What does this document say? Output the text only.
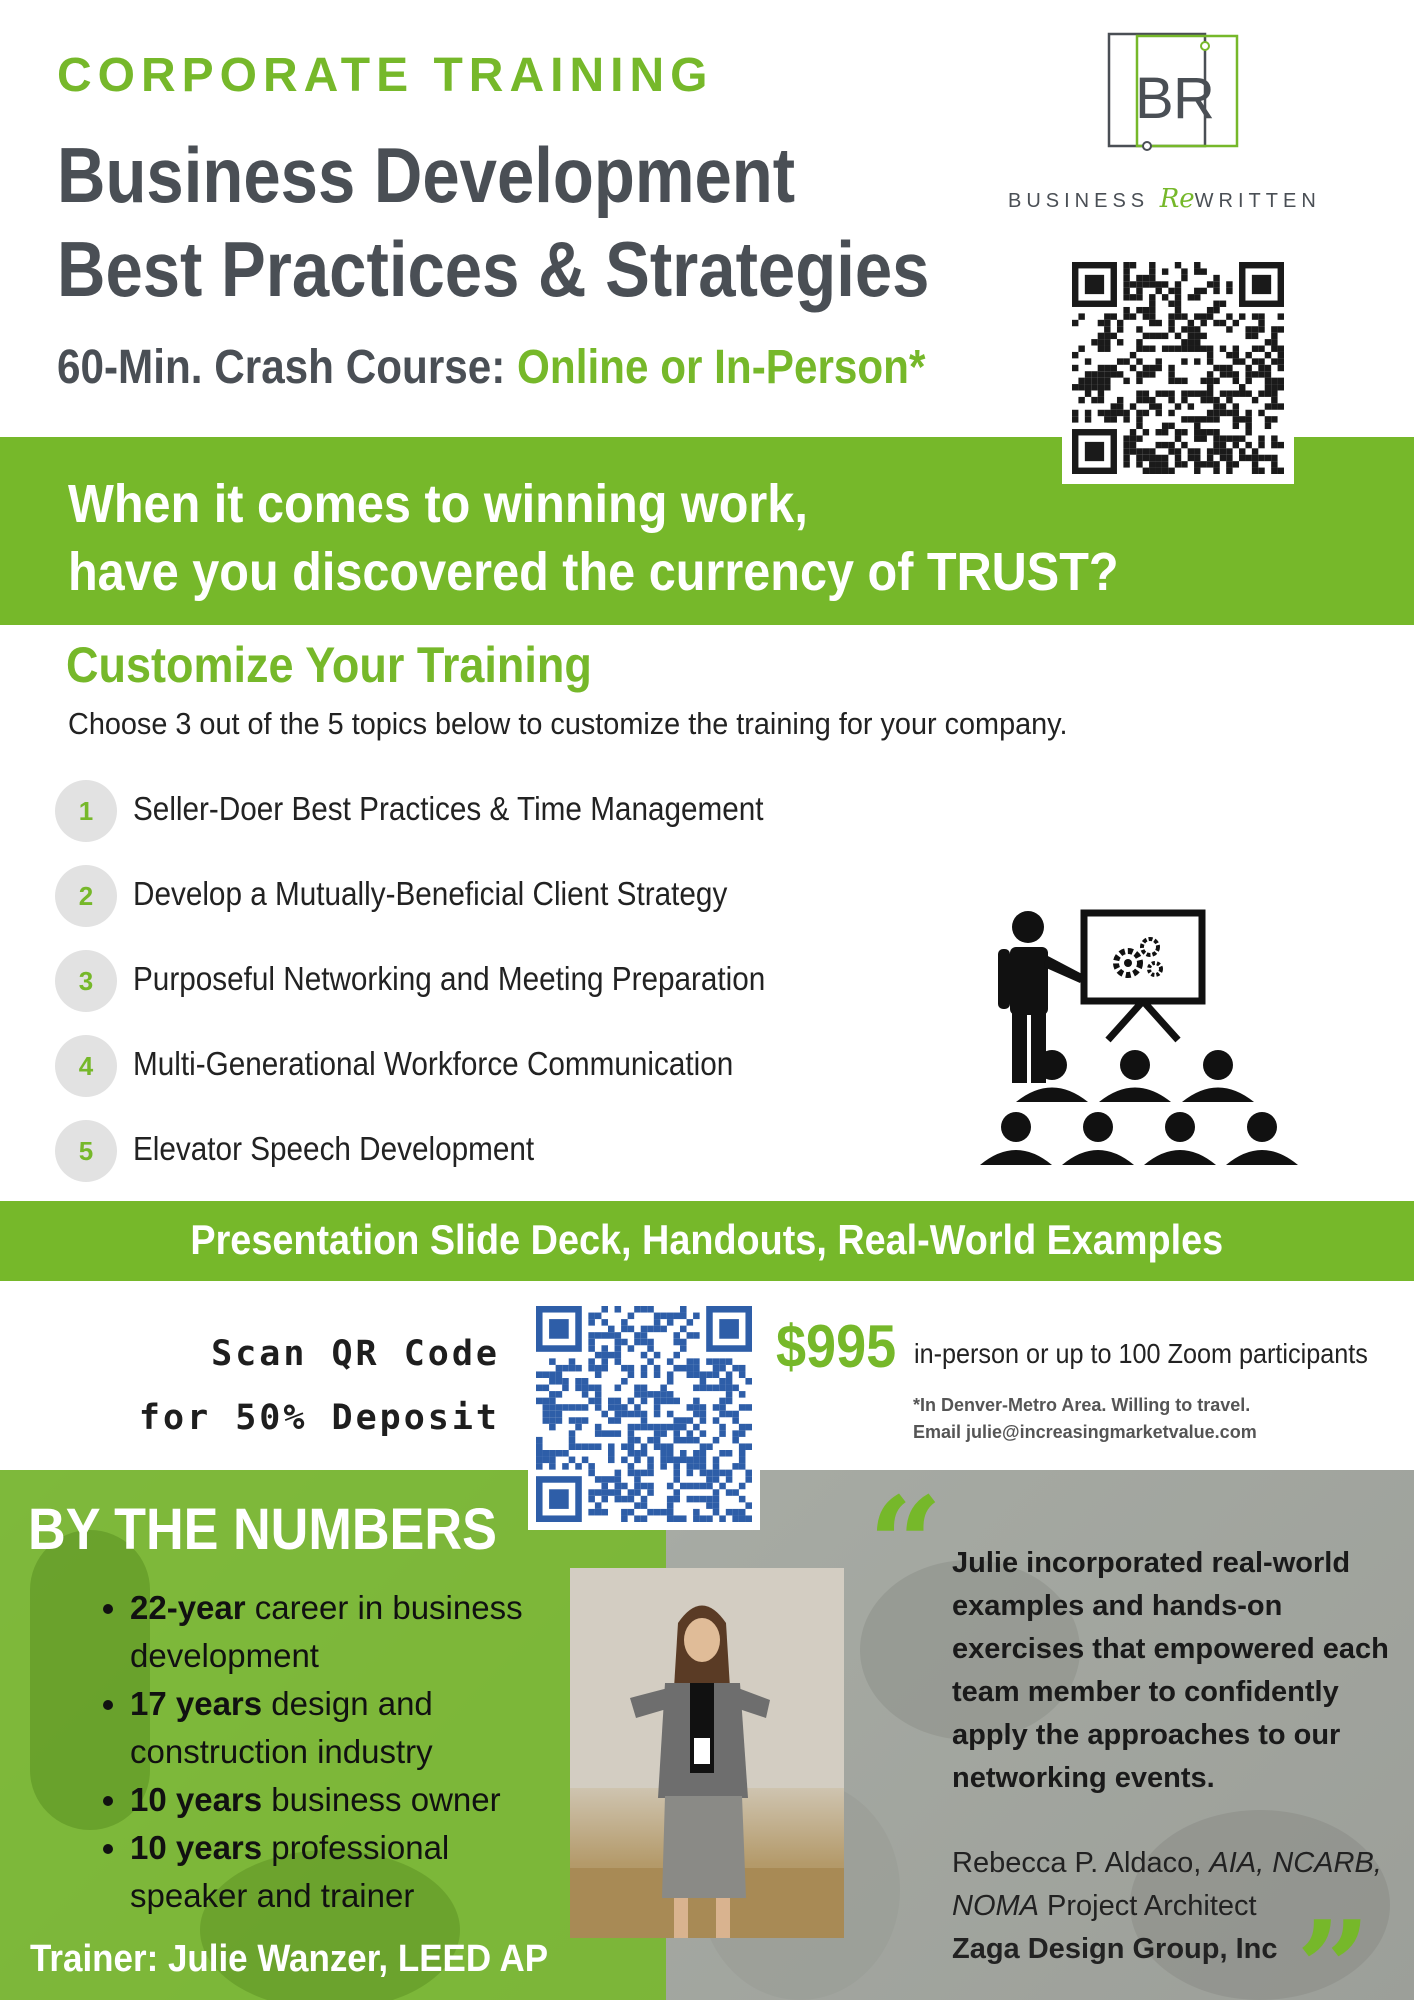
CORPORATE TRAINING
Business Development
Best Practices & Strategies
60-Min. Crash Course: Online or In-Person*
B R
BUSINESS ReWRITTEN
When it comes to winning work,
have you discovered the currency of TRUST?
Customize Your Training
Choose 3 out of the 5 topics below to customize the training for your company.
1	Seller-Doer Best Practices & Time Management
2	Develop a Mutually-Beneficial Client Strategy
3	Purposeful Networking and Meeting Preparation
4	Multi-Generational Workforce Communication
5	Elevator Speech Development
Presentation Slide Deck, Handouts, Real-World Examples
Scan QR Code
for 50% Deposit
$995 in-person or up to 100 Zoom participants
*In Denver-Metro Area. Willing to travel.
Email julie@increasingmarketvalue.com
BY THE NUMBERS
• 22-year career in business development
• 17 years design and construction industry
• 10 years business owner
• 10 years professional speaker and trainer
Trainer: Julie Wanzer, LEED AP
“ Julie incorporated real-world examples and hands-on exercises that empowered each team member to confidently apply the approaches to our networking events.
Rebecca P. Aldaco, AIA, NCARB, NOMA Project Architect
Zaga Design Group, Inc ”
